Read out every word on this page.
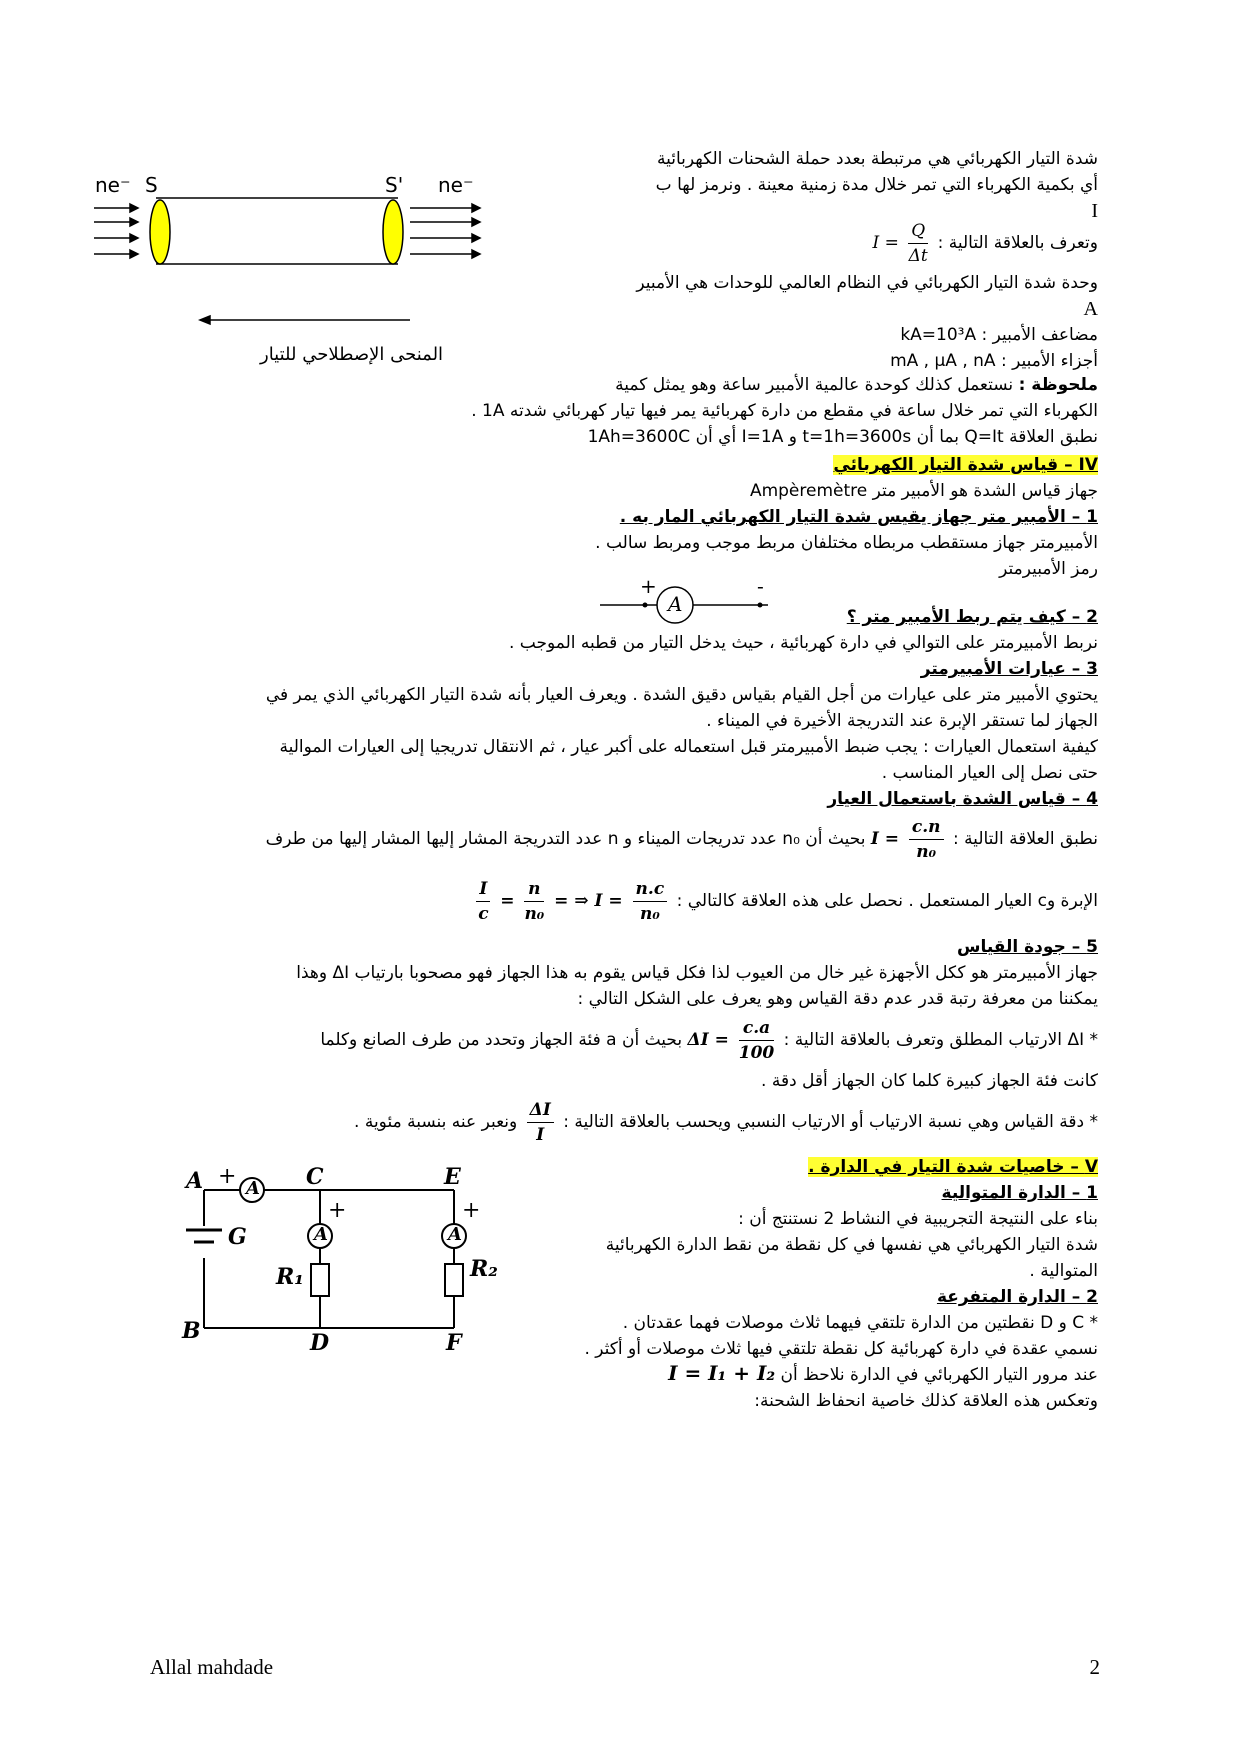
ne⁻ S	S' ne⁻
المنحى الإصطلاحي للتيار
شدة التيار الكهربائي هي مرتبطة بعدد حملة الشحنات الكهربائية
أي بكمية الكهرباء التي تمر خلال مدة زمنية معينة . ونرمز لها ب
I
وتعرف بالعلاقة التالية : $I = \frac{Q}{\Delta t}$
وحدة شدة التيار الكهربائي في النظام العالمي للوحدات هي الأمبير
A
مضاعف الأمبير : kA=10³A
أجزاء الأمبير : mA , µA , nA
ملحوظة : نستعمل كذلك كوحدة عالمية الأمبير ساعة وهو يمثل كمية
الكهرباء التي تمر خلال ساعة في مقطع من دارة كهربائية يمر فيها تيار كهربائي شدته 1A .
نطبق العلاقة Q=It بما أن t=1h=3600s و I=1A أي أن 1Ah=3600C
IV – قياس شدة التيار الكهربائي
جهاز قياس الشدة هو الأمبير متر Ampèremètre
1 – الأمبير متر جهاز يقيس شدة التيار الكهربائي المار به .
الأمبيرمتر جهاز مستقطب مربطاه مختلفان مربط موجب ومربط سالب .
رمز الأمبيرمتر
A
+	-
2 – كيف يتم ربط الأمبير متر ؟
نربط الأمبيرمتر على التوالي في دارة كهربائية ، حيث يدخل التيار من قطبه الموجب .
3 – عيارات الأمبيرمتر
يحتوي الأمبير متر على عيارات من أجل القيام بقياس دقيق الشدة . ويعرف العيار بأنه شدة التيار الكهربائي الذي يمر في
الجهاز لما تستقر الإبرة عند التدريجة الأخيرة في الميناء .
كيفية استعمال العيارات : يجب ضبط الأمبيرمتر قبل استعماله على أكبر عيار ، ثم الانتقال تدريجيا إلى العيارات الموالية
حتى نصل إلى العيار المناسب .
4 – قياس الشدة باستعمال العيار
نطبق العلاقة التالية : $I = \frac{c.n}{\text{n₀}}$
بحيث أن n₀ عدد تدريجات الميناء و n عدد التدريجة المشار إليها المشار إليها من طرف
الإبرة وc العيار المستعمل . نحصل على هذه العلاقة كالتالي :
$\frac{I}{c} = \frac{n}{\text{n₀}}$ = ⇒ $I = \frac{n.c}{\text{n₀}}$
5 – جودة القياس
جهاز الأمبيرمتر هو ككل الأجهزة غير خال من العيوب لذا فكل قياس يقوم به هذا الجهاز فهو مصحوبا بارتياب ΔI وهذا
يمكننا من معرفة رتبة قدر عدم دقة القياس وهو يعرف على الشكل التالي :
* ΔI الارتياب المطلق وتعرف بالعلاقة التالية : $\Delta I = \frac{c.a}{100}$
بحيث أن a فئة الجهاز وتحدد من طرف الصانع وكلما
كانت فئة الجهاز كبيرة كلما كان الجهاز أقل دقة .
* دقة القياس وهي نسبة الارتياب أو الارتياب النسبي ويحسب بالعلاقة التالية :
$\frac{\Delta I}{I}$
ونعبر عنه بنسبة مئوية .
V – خاصيات شدة التيار في الدارة .
1 – الدارة المتوالية
بناء على النتيجة التجريبية في النشاط 2 نستنتج أن :
شدة التيار الكهربائي هي نفسها في كل نقطة من نقط الدارة الكهربائية
المتوالية .
2 – الدارة المتفرعة
* C و D نقطتين من الدارة تلتقي فيهما ثلاث موصلات فهما عقدتان .
نسمي عقدة في دارة كهربائية كل نقطة تلتقي فيها ثلاث موصلات أو أكثر .
عند مرور التيار الكهربائي في الدارة نلاحظ أن I = I₁ + I₂
وتعكس هذه العلاقة كذلك خاصية انحفاظ الشحنة:
A + A C	E
+	+
A	A
G
R₁	R₂
B	D	F
Allal mahdade	2
